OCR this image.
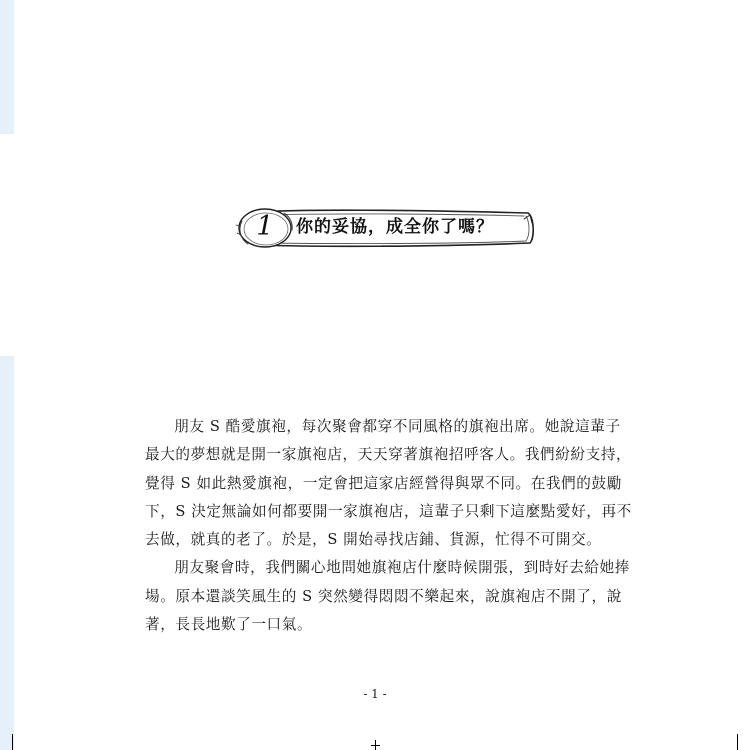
1	你的妥協，成全你了嗎？

朋友 S 酷愛旗袍，每次聚會都穿不同風格的旗袍出席。她說這輩子最大的夢想就是開一家旗袍店，天天穿著旗袍招呼客人。我們紛紛支持，覺得 S 如此熱愛旗袍，一定會把這家店經營得與眾不同。在我們的鼓勵下，S 決定無論如何都要開一家旗袍店，這輩子只剩下這麼點愛好，再不去做，就真的老了。於是，S 開始尋找店鋪、貨源，忙得不可開交。

朋友聚會時，我們關心地問她旗袍店什麼時候開張，到時好去給她捧場。原本還談笑風生的 S 突然變得悶悶不樂起來，說旗袍店不開了，說著，長長地歎了一口氣。

- 1 -
